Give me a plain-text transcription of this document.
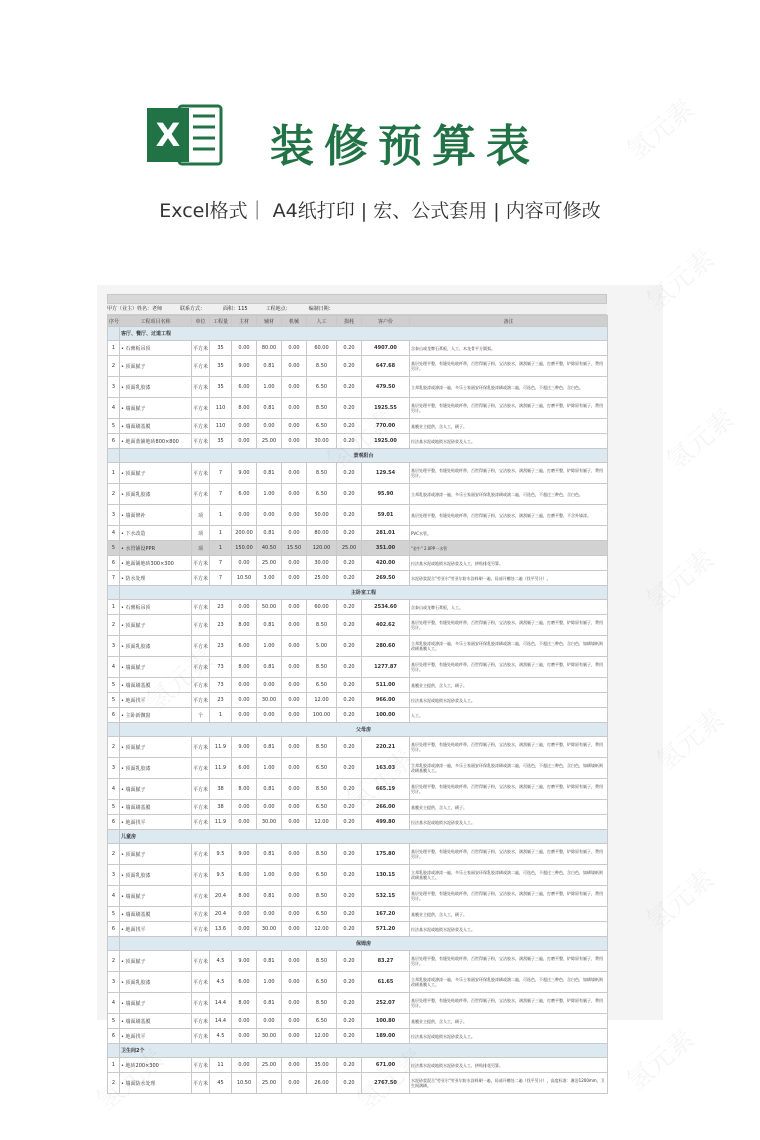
X 装修预算表
Excel格式｜ A4纸打印 | 宏、公式套用 | 内容可修改
甲方（业主）姓名：老师	联系方式：	面积：115	工程地点：	编制日期：
序号	工程项目名称	单位	工程量	主材	辅材	机械	人工	损耗	客户价	备注
	客厅、餐厅、过道工程									
1	• 石膏板吊顶	平方米	35	0.00	80.00	0.00	60.00	0.20	4907.00	含泰山或龙牌石膏板，人工、木龙骨平方圆弧。
2	• 顶面腻子	平方米	35	9.00	0.81	0.00	8.50	0.20	647.68	基层处理平整，有缝处贴玻纤带，百世得腻子粉，宝洁胶水，满刮腻子三遍，打磨平整，铲除原有腻子，费用另计。
3	• 顶面乳胶漆	平方米	35	6.00	1.00	0.00	6.50	0.20	479.50	立邦乳胶漆或渗漆一遍，多乐士家丽安环保乳胶漆刷或滚二遍，可选色，不超过三种色，含白色。
4	• 墙面腻子	平方米	110	8.00	0.81	0.00	8.50	0.20	1925.55	基层处理平整，有缝处贴玻纤带，百世得腻子粉，宝洁胶水，满刮腻子三遍，打磨平整，铲除原有腻子，费用另计。
5	• 墙面刷基膜	平方米	110	0.00	0.00	0.00	6.50	0.20	770.00	基膜业主提供，含人工，刷子。
6	• 地面蓝铺地砖800×800	平方米	35	0.00	25.00	0.00	30.00	0.20	1925.00	拉法基水泥或地锁水泥砂浆及人工。
	景观阳台									
1	• 顶面腻子	平方米	7	9.00	0.81	0.00	8.50	0.20	129.54	基层处理平整，有缝处贴玻纤带，百世得腻子粉，宝洁胶水，满刮腻子三遍，打磨平整，铲除原有腻子，费用另计。
2	• 顶面乳胶漆	平方米	7	6.00	1.00	0.00	6.50	0.20	95.90	立邦乳胶漆或渗漆一遍，多乐士家丽安环保乳胶漆刷或滚二遍，可选色，不超过三种色，含白色。
3	• 墙面修补	项	1	0.00	0.00	0.00	50.00	0.20	59.01	基层处理平整，有缝处贴玻纤带，百世得腻子粉，宝洁胶水，满刮腻子三遍，打磨平整，不含外墙漆。
4	• 下水改造	项	1	200.00	0.81	0.00	80.00	0.20	281.01	PVC水管。
5	• 水管铺设PPR	项	1	150.00	40.50	15.50	120.00	25.00	351.00	"金牛" 2.0PP一水管
6	• 地面铺地砖300×300	平方米	7	0.00	25.00	0.00	30.00	0.20	420.00	拉法基水泥或地锁水泥砂浆及人工，拼贴排花另算。
7	• 防水处理	平方米	7	10.50	3.00	0.00	25.00	0.20	269.50	水泥砂浆混合"劳亚尔"劳亚尔防水涂料刷一遍，局部开槽处二遍（找平另计）。
	主卧室工程									
1	• 石膏板吊顶	平方米	23	0.00	50.00	0.00	60.00	0.20	2534.60	含泰山或龙牌石膏板，人工。
2	• 顶面腻子	平方米	23	8.00	0.81	0.00	8.50	0.20	402.62	基层处理平整，有缝处贴玻纤带，百世得腻子粉，宝洁胶水，满刮腻子三遍，打磨平整，铲除原有腻子，费用另计。
3	• 顶面乳胶漆	平方米	23	6.00	1.00	0.00	5.00	0.20	280.60	立邦乳胶漆或渗漆一遍，多乐士家丽安环保乳胶漆刷或滚二遍，可选色，不超过三种色，含白色，如刷墙纸则改刷基膜人工。
4	• 墙面腻子	平方米	73	8.00	0.81	0.00	8.50	0.20	1277.87	基层处理平整，有缝处贴玻纤带，百世得腻子粉，宝洁胶水，满刮腻子三遍，打磨平整，铲除原有腻子，费用另计。
5	• 墙面刷基膜	平方米	73	0.00	0.00	0.00	6.50	0.20	511.00	基膜业主提供，含人工，刷子。
5	• 地面找平	平方米	23	0.00	30.00	0.00	12.00	0.20	966.00	拉法基水泥或地锁水泥砂浆及人工。
6	• 主卧新飘窗	个	1	0.00	0.00	0.00	100.00	0.20	100.00	人工。
	父母房									
2	• 顶面腻子	平方米	11.9	9.00	0.81	0.00	8.50	0.20	220.21	基层处理平整，有缝处贴玻纤带，百世得腻子粉，宝洁胶水，满刮腻子三遍，打磨平整，铲除原有腻子，费用另计。
3	• 顶面乳胶漆	平方米	11.9	6.00	1.00	0.00	6.50	0.20	163.03	立邦乳胶漆或渗漆一遍，多乐士家丽安环保乳胶漆刷或滚二遍，可选色，不超过三种色，含白色，如刷墙纸则改刷基膜人工。
4	• 墙面腻子	平方米	38	8.00	0.81	0.00	8.50	0.20	665.19	基层处理平整，有缝处贴玻纤带，百世得腻子粉，宝洁胶水，满刮腻子三遍，打磨平整，铲除原有腻子，费用另计。
5	• 墙面刷基膜	平方米	38	0.00	0.00	0.00	6.50	0.20	266.00	基膜业主提供，含人工，刷子。
6	• 地面找平	平方米	11.9	0.00	30.00	0.00	12.00	0.20	499.80	拉法基水泥或地锁水泥砂浆及人工。
	儿童房									
2	• 顶面腻子	平方米	9.5	9.00	0.81	0.00	8.50	0.20	175.80	基层处理平整，有缝处贴玻纤带，百世得腻子粉，宝洁胶水，满刮腻子三遍，打磨平整，铲除原有腻子，费用另计。
3	• 顶面乳胶漆	平方米	9.5	6.00	1.00	0.00	6.50	0.20	130.15	立邦乳胶漆或渗漆一遍，多乐士家丽安环保乳胶漆刷或滚二遍，可选色，不超过三种色，含白色，如刷墙纸则改刷基膜人工。
4	• 墙面腻子	平方米	20.4	8.00	0.81	0.00	8.50	0.20	532.15	基层处理平整，有缝处贴玻纤带，百世得腻子粉，宝洁胶水，满刮腻子三遍，打磨平整，铲除原有腻子，费用另计。
5	• 墙面刷基膜	平方米	20.4	0.00	0.00	0.00	6.50	0.20	167.20	基膜业主提供，含人工，刷子。
6	• 地面找平	平方米	13.6	0.00	30.00	0.00	12.00	0.20	571.20	拉法基水泥或地锁水泥砂浆及人工。
	保姆房									
2	• 顶面腻子	平方米	4.5	9.00	0.81	0.00	8.50	0.20	83.27	基层处理平整，有缝处贴玻纤带，百世得腻子粉，宝洁胶水，满刮腻子三遍，打磨平整，铲除原有腻子，费用另计。
3	• 顶面乳胶漆	平方米	4.5	6.00	1.00	0.00	6.50	0.20	61.65	立邦乳胶漆或渗漆一遍，多乐士家丽安环保乳胶漆刷或滚二遍，可选色，不超过三种色，含白色，如刷墙纸则改刷基膜人工。
4	• 墙面腻子	平方米	14.4	8.00	0.81	0.00	8.50	0.20	252.07	基层处理平整，有缝处贴玻纤带，百世得腻子粉，宝洁胶水，满刮腻子三遍，打磨平整，铲除原有腻子，费用另计。
5	• 墙面刷基膜	平方米	14.4	0.00	0.00	0.00	6.50	0.20	100.80	基膜业主提供，含人工，刷子。
6	• 地面找平	平方米	4.5	0.00	30.00	0.00	12.00	0.20	189.00	拉法基水泥或地锁水泥砂浆及人工。
	卫生间2个									
1	• 地砖200×300	平方米	11	0.00	25.00	0.00	35.00	0.20	671.00	拉法基水泥或地锁水泥砂浆及人工，拼贴排花另算。
2	• 墙面防水处理	平方米	45	10.50	25.00	0.00	26.00	0.20	2767.50	水泥砂浆混合"劳亚尔"劳亚尔防水涂料刷一遍，局部开槽处二遍（找平另计），高度标准：淋浴1200mm，卫生间满刷。
